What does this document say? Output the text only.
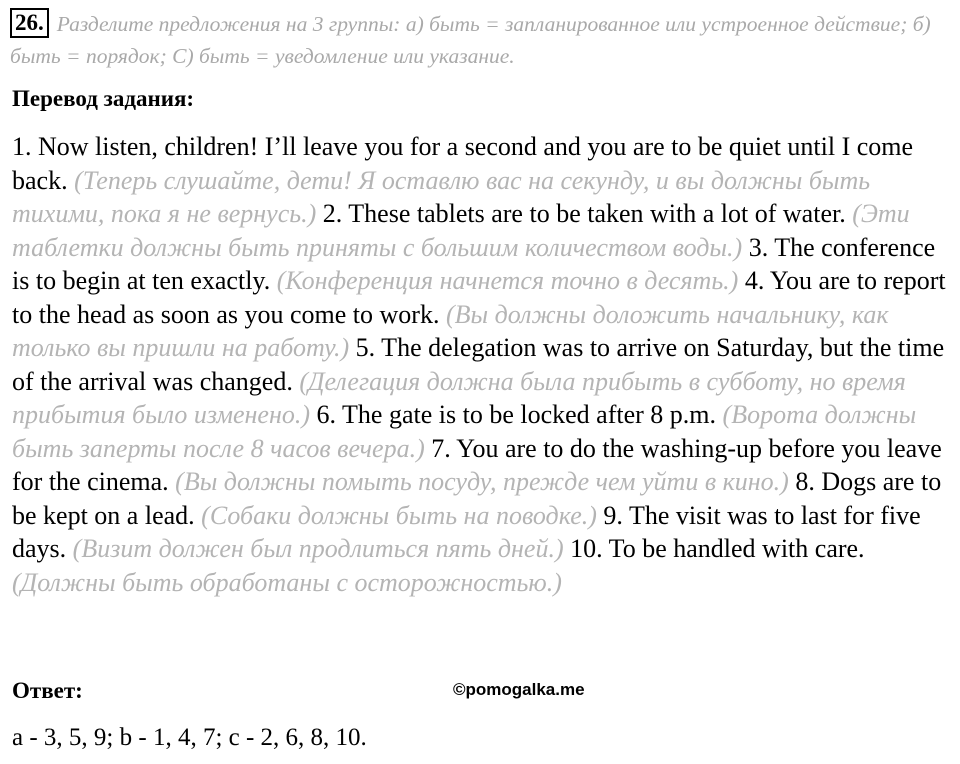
26. Разделите предложения на 3 группы: а) быть = запланированное или устроенное действие; б) быть = порядок; С) быть = уведомление или указание.

Перевод задания:

1. Now listen, children! I’ll leave you for a second and you are to be quiet until I come back. (Теперь слушайте, дети! Я оставлю вас на секунду, и вы должны быть тихими, пока я не вернусь.) 2. These tablets are to be taken with a lot of water. (Эти таблетки должны быть приняты с большим количеством воды.) 3. The conference is to begin at ten exactly. (Конференция начнется точно в десять.) 4. You are to report to the head as soon as you come to work. (Вы должны доложить начальнику, как только вы пришли на работу.) 5. The delegation was to arrive on Saturday, but the time of the arrival was changed. (Делегация должна была прибыть в субботу, но время прибытия было изменено.) 6. The gate is to be locked after 8 p.m. (Ворота должны быть заперты после 8 часов вечера.) 7. You are to do the washing-up before you leave for the cinema. (Вы должны помыть посуду, прежде чем уйти в кино.) 8. Dogs are to be kept on a lead. (Собаки должны быть на поводке.) 9. The visit was to last for five days. (Визит должен был продлиться пять дней.) 10. To be handled with care. (Должны быть обработаны с осторожностью.)

Ответ:	©pomogalka.me

a - 3, 5, 9; b - 1, 4, 7; c - 2, 6, 8, 10.
